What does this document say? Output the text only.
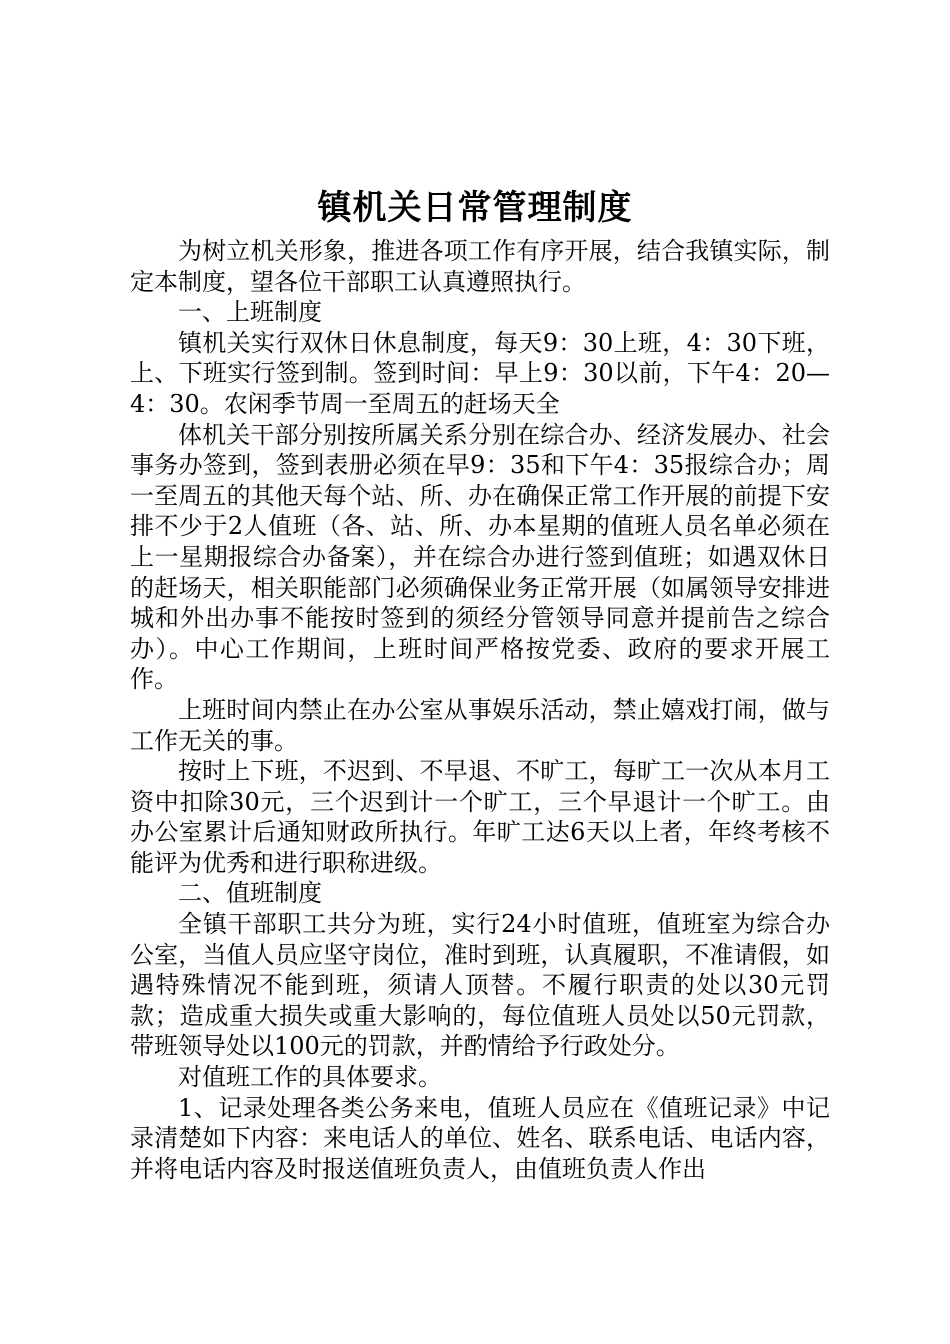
镇机关日常管理制度

为树立机关形象，推进各项工作有序开展，结合我镇实际，制定本制度，望各位干部职工认真遵照执行。

一、上班制度

镇机关实行双休日休息制度，每天9：30上班，4：30下班，上、下班实行签到制。签到时间：早上9：30以前，下午4：20—4：30。农闲季节周一至周五的赶场天全

体机关干部分别按所属关系分别在综合办、经济发展办、社会事务办签到，签到表册必须在早9：35和下午4：35报综合办；周一至周五的其他天每个站、所、办在确保正常工作开展的前提下安排不少于2人值班（各、站、所、办本星期的值班人员名单必须在上一星期报综合办备案），并在综合办进行签到值班；如遇双休日的赶场天，相关职能部门必须确保业务正常开展（如属领导安排进城和外出办事不能按时签到的须经分管领导同意并提前告之综合办）。中心工作期间，上班时间严格按党委、政府的要求开展工作。

上班时间内禁止在办公室从事娱乐活动，禁止嬉戏打闹，做与工作无关的事。

按时上下班，不迟到、不早退、不旷工，每旷工一次从本月工资中扣除30元，三个迟到计一个旷工，三个早退计一个旷工。由办公室累计后通知财政所执行。年旷工达6天以上者，年终考核不能评为优秀和进行职称进级。

二、值班制度

全镇干部职工共分为班，实行24小时值班，值班室为综合办公室，当值人员应坚守岗位，准时到班，认真履职，不准请假，如遇特殊情况不能到班，须请人顶替。不履行职责的处以30元罚款；造成重大损失或重大影响的，每位值班人员处以50元罚款，带班领导处以100元的罚款，并酌情给予行政处分。

对值班工作的具体要求。

1、记录处理各类公务来电，值班人员应在《值班记录》中记录清楚如下内容：来电话人的单位、姓名、联系电话、电话内容，并将电话内容及时报送值班负责人，由值班负责人作出
